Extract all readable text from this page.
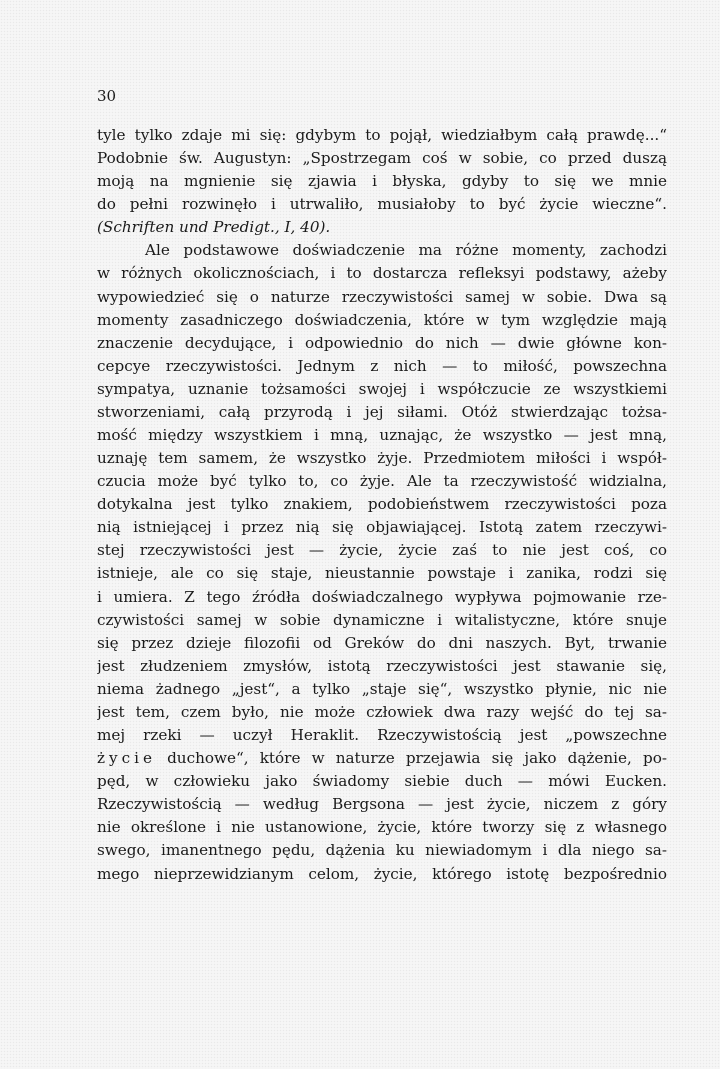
30
tyle tylko zdaje mi się: gdybym to pojął, wiedziałbym całą prawdę...“
Podobnie św. Augustyn: „Spostrzegam coś w sobie, co przed duszą
moją na mgnienie się zjawia i błyska, gdyby to się we mnie
do pełni rozwinęło i utrwaliło, musiałoby to być życie wieczne“.
(Schriften und Predigt., I, 40).
Ale podstawowe doświadczenie ma różne momenty, zachodzi
w różnych okolicznościach, i to dostarcza refleksyi podstawy, ażeby
wypowiedzieć się o naturze rzeczywistości samej w sobie. Dwa są
momenty zasadniczego doświadczenia, które w tym względzie mają
znaczenie decydujące, i odpowiednio do nich — dwie główne kon-
cepcye rzeczywistości. Jednym z nich — to miłość, powszechna
sympatya, uznanie tożsamości swojej i współczucie ze wszystkiemi
stworzeniami, całą przyrodą i jej siłami. Otóż stwierdzając tożsa-
mość między wszystkiem i mną, uznając, że wszystko — jest mną,
uznaję tem samem, że wszystko żyje. Przedmiotem miłości i współ-
czucia może być tylko to, co żyje. Ale ta rzeczywistość widzialna,
dotykalna jest tylko znakiem, podobieństwem rzeczywistości poza
nią istniejącej i przez nią się objawiającej. Istotą zatem rzeczywi-
stej rzeczywistości jest — życie, życie zaś to nie jest coś, co
istnieje, ale co się staje, nieustannie powstaje i zanika, rodzi się
i umiera. Z tego źródła doświadczalnego wypływa pojmowanie rze-
czywistości samej w sobie dynamiczne i witalistyczne, które snuje
się przez dzieje filozofii od Greków do dni naszych. Byt, trwanie
jest złudzeniem zmysłów, istotą rzeczywistości jest stawanie się,
niema żadnego „jest“, a tylko „staje się“, wszystko płynie, nic nie
jest tem, czem było, nie może człowiek dwa razy wejść do tej sa-
mej rzeki — uczył Heraklit. Rzeczywistością jest „powszechne
życie duchowe“, które w naturze przejawia się jako dążenie, po-
pęd, w człowieku jako świadomy siebie duch — mówi Eucken.
Rzeczywistością — według Bergsona — jest życie, niczem z góry
nie określone i nie ustanowione, życie, które tworzy się z własnego
swego, imanentnego pędu, dążenia ku niewiadomym i dla niego sa-
mego nieprzewidzianym celom, życie, którego istotę bezpośrednio
